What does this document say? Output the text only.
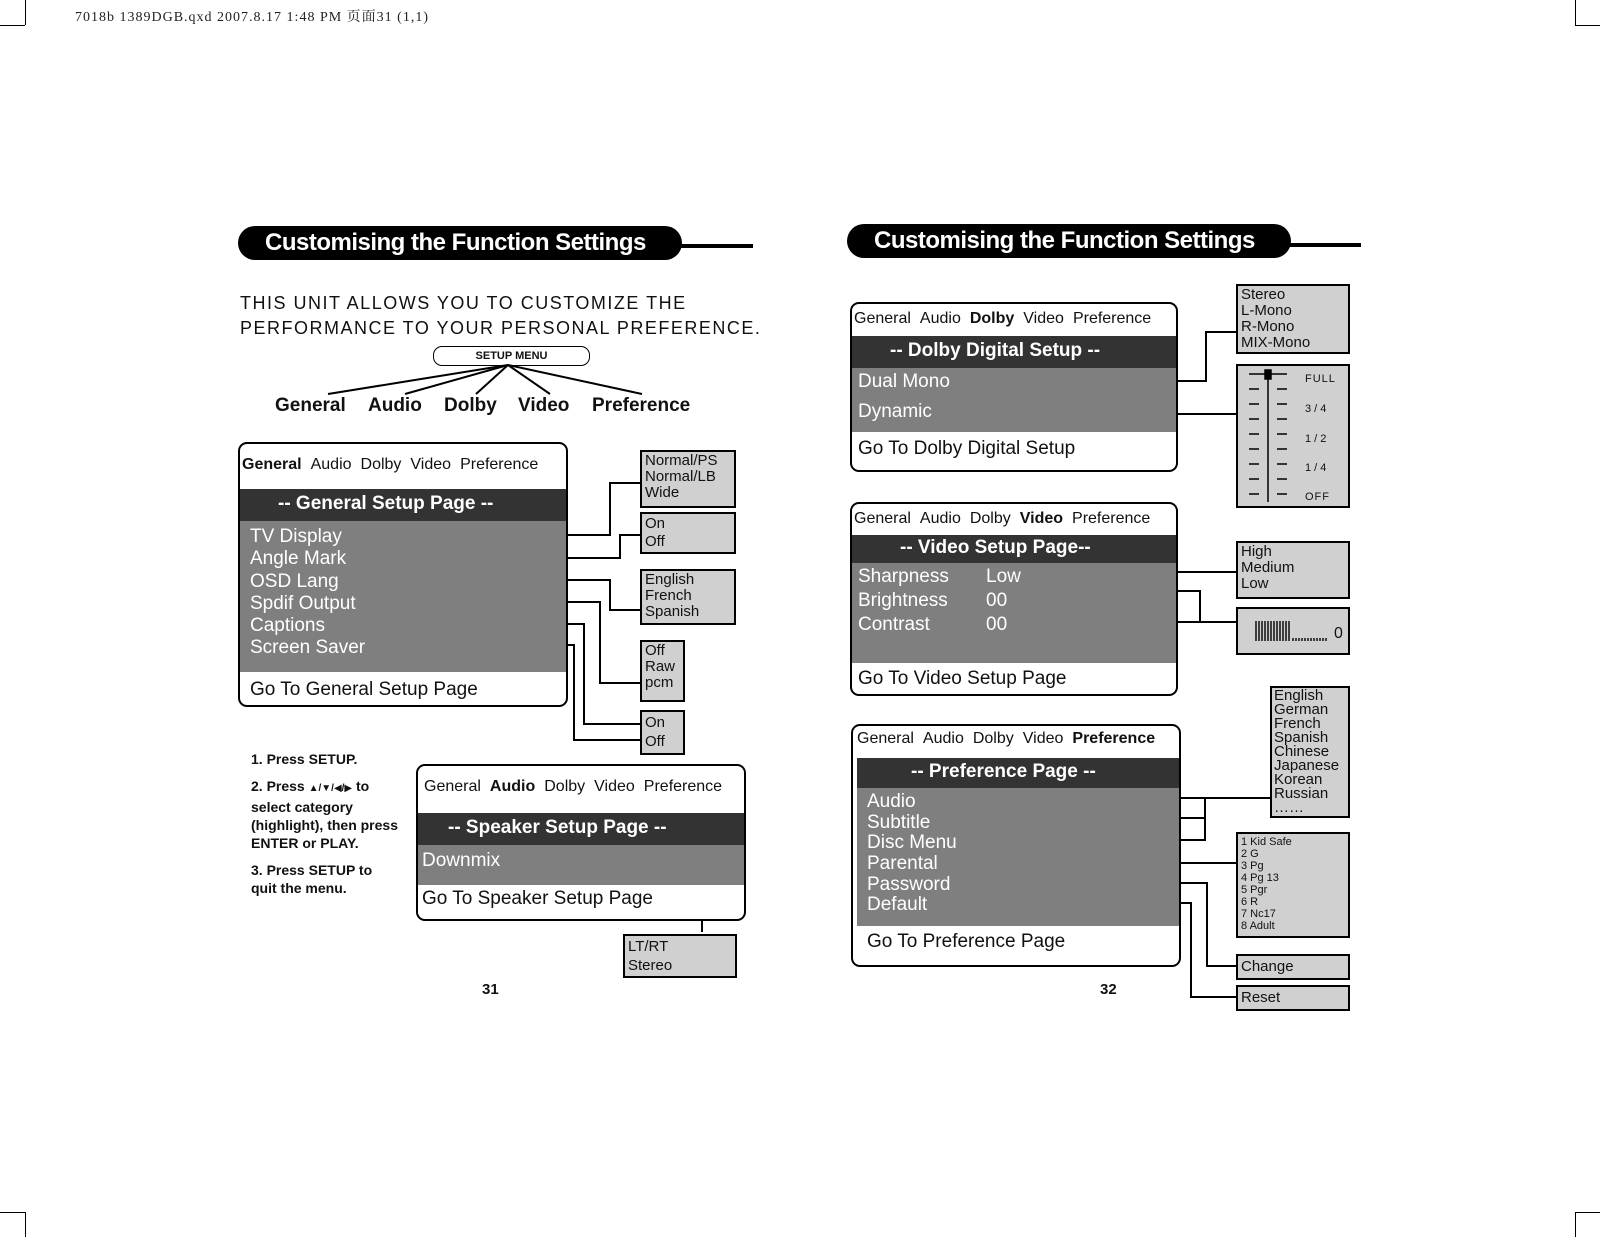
7018b 1389DGB.qxd 2007.8.17 1:48 PM 页面31 (1,1)
Customising the Function Settings
THIS UNIT ALLOWS YOU TO CUSTOMIZE THE
PERFORMANCE TO YOUR PERSONAL PREFERENCE.
SETUP MENU
General Audio Dolby Video Preference
General Audio Dolby Video Preference
-- General Setup Page --
TV Display
Angle Mark
OSD Lang
Spdif Output
Captions
Screen Saver
Go To General Setup Page
Normal/PS
Normal/LB
Wide
On
Off
English
French
Spanish
Off
Raw
pcm
On
Off

1. Press SETUP.

2. Press ▲/▼/◀/▶ to select category (highlight), then press ENTER or PLAY.

3. Press SETUP to quit the menu.

General Audio Dolby Video Preference
-- Speaker Setup Page --
Downmix
Go To Speaker Setup Page
LT/RT
Stereo
31
Customising the Function Settings
General Audio Dolby Video Preference
-- Dolby Digital Setup --
Dual Mono
Dynamic
Go To Dolby Digital Setup
Stereo
L-Mono
R-Mono
MIX-Mono
FULL
3 / 4
1 / 2
1 / 4
OFF
General Audio Dolby Video Preference
-- Video Setup Page--
Sharpness Low
Brightness 00
Contrast	00
Go To Video Setup Page
High
Medium
Low
0
General Audio Dolby Video Preference
-- Preference Page --
Audio
Subtitle
Disc Menu
Parental
Password
Default
Go To Preference Page
English
German
French
Spanish
Chinese
Japanese
Korean
Russian
……
1 Kid Safe
2 G
3 Pg
4 Pg 13
5 Pgr
6 R
7 Nc17
8 Adult
Change
Reset
32
